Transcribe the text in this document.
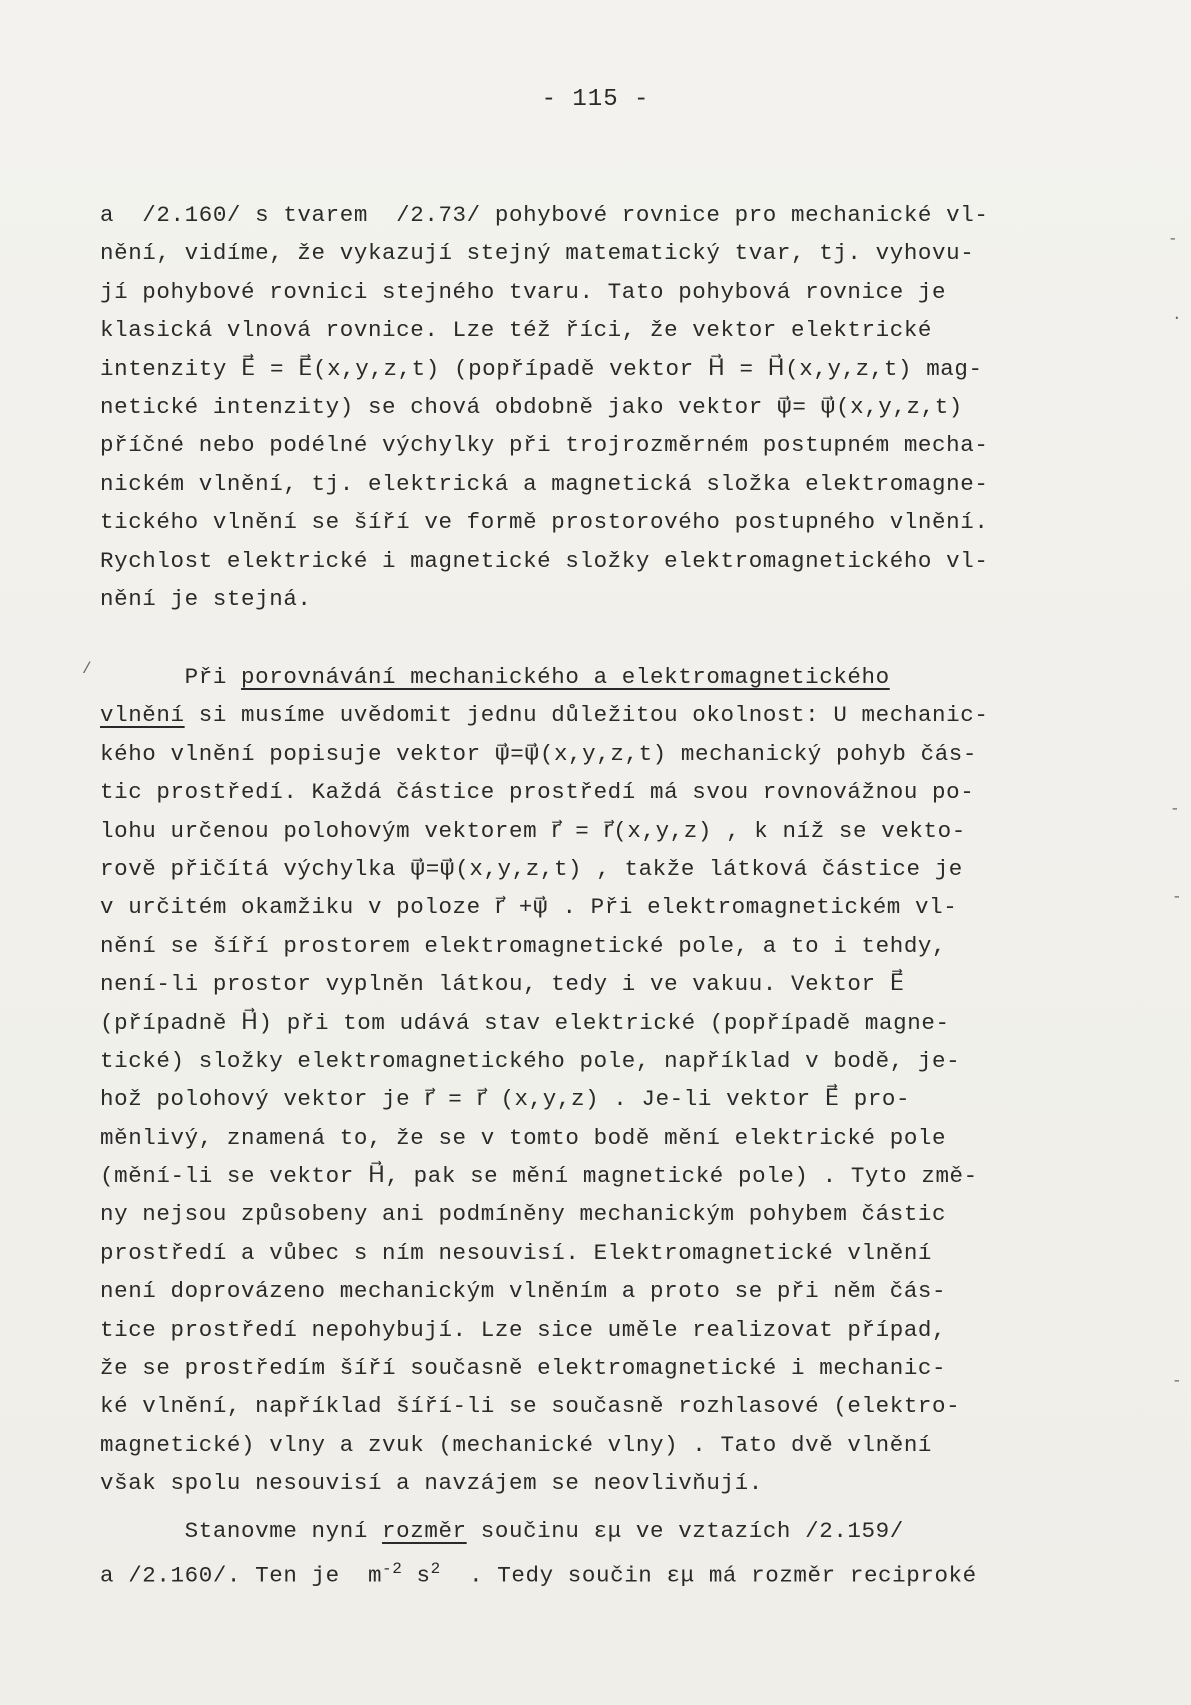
- 115 -
a  /2.160/ s tvarem  /2.73/ pohybové rovnice pro mechanické vl-
nění, vidíme, že vykazují stejný matematický tvar, tj. vyhovu-
jí pohybové rovnici stejného tvaru. Tato pohybová rovnice je
klasická vlnová rovnice. Lze též říci, že vektor elektrické
intenzity E⃗ = E⃗(x,y,z,t) (popřípadě vektor H⃗ = H⃗(x,y,z,t) mag-
netické intenzity) se chová obdobně jako vektor ψ⃗= ψ⃗(x,y,z,t)
příčné nebo podélné výchylky při trojrozměrném postupném mecha-
nickém vlnění, tj. elektrická a magnetická složka elektromagne-
tického vlnění se šíří ve formě prostorového postupného vlnění.
Rychlost elektrické i magnetické složky elektromagnetického vl-
nění je stejná.
Při porovnávání mechanického a elektromagnetického
vlnění si musíme uvědomit jednu důležitou okolnost: U mechanic-
kého vlnění popisuje vektor ψ⃗=ψ⃗(x,y,z,t) mechanický pohyb čás-
tic prostředí. Každá částice prostředí má svou rovnovážnou po-
lohu určenou polohovým vektorem r⃗ = r⃗(x,y,z) , k níž se vekto-
rově přičítá výchylka ψ⃗=ψ⃗(x,y,z,t) , takže látková částice je
v určitém okamžiku v poloze r⃗ +ψ⃗ . Při elektromagnetickém vl-
nění se šíří prostorem elektromagnetické pole, a to i tehdy,
není-li prostor vyplněn látkou, tedy i ve vakuu. Vektor E⃗
(případně H⃗) při tom udává stav elektrické (popřípadě magne-
tické) složky elektromagnetického pole, například v bodě, je-
hož polohový vektor je r⃗ = r⃗ (x,y,z) . Je-li vektor E⃗ pro-
měnlivý, znamená to, že se v tomto bodě mění elektrické pole
(mění-li se vektor H⃗, pak se mění magnetické pole) . Tyto změ-
ny nejsou způsobeny ani podmíněny mechanickým pohybem částic
prostředí a vůbec s ním nesouvisí. Elektromagnetické vlnění
není doprovázeno mechanickým vlněním a proto se při něm čás-
tice prostředí nepohybují. Lze sice uměle realizovat případ,
že se prostředím šíří současně elektromagnetické i mechanic-
ké vlnění, například šíří-li se současně rozhlasové (elektro-
magnetické) vlny a zvuk (mechanické vlny) . Tato dvě vlnění
však spolu nesouvisí a navzájem se neovlivňují.
Stanovme nyní rozměr součinu εμ ve vztazích /2.159/
a /2.160/. Ten je  $m^{-2}$ $s^2$  . Tedy součin εμ má rozměr reciproké
-
.
/
-
-
-
